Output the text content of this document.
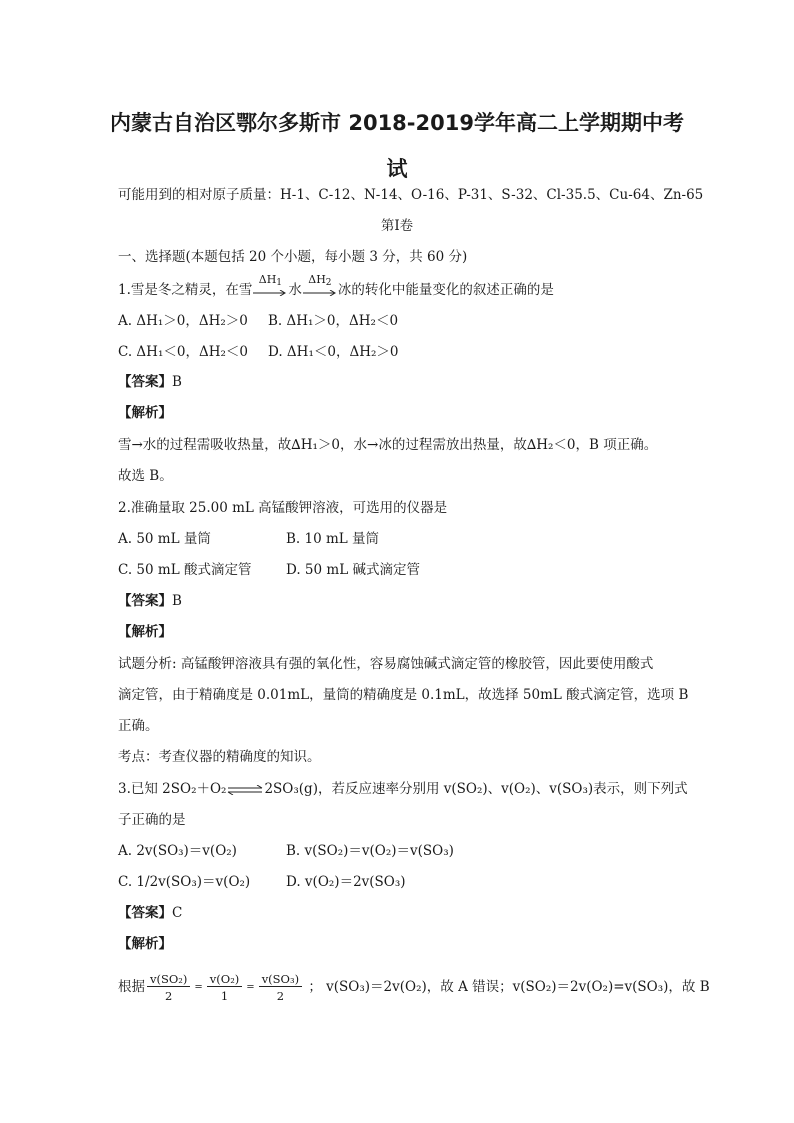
内蒙古自治区鄂尔多斯市 2018-2019学年高二上学期期中考
试
可能用到的相对原子质量：H-1、C-12、N-14、O-16、P-31、S-32、Cl-35.5、Cu-64、Zn-65
第Ⅰ卷
一、选择题(本题包括 20 个小题，每小题 3 分，共 60 分)
1.雪是冬之精灵，在雪
$\Delta H_1$ 水
$\Delta H_2$ 冰的转化中能量变化的叙述正确的是
A. ΔH₁＞0，ΔH₂＞0 B. ΔH₁＞0，ΔH₂＜0
C. ΔH₁＜0，ΔH₂＜0 D. ΔH₁＜0，ΔH₂＞0
【答案】B
【解析】
雪→水的过程需吸收热量，故∆H₁＞0，水→冰的过程需放出热量，故∆H₂＜0，B 项正确。
故选 B。
2.准确量取 25.00 mL 高锰酸钾溶液，可选用的仪器是
A. 50 mL 量筒	B. 10 mL 量筒
C. 50 mL 酸式滴定管	D. 50 mL 碱式滴定管
【答案】B
【解析】
试题分析: 高锰酸钾溶液具有强的氧化性，容易腐蚀碱式滴定管的橡胶管，因此要使用酸式
滴定管，由于精确度是 0.01mL，量筒的精确度是 0.1mL，故选择 50mL 酸式滴定管，选项 B
正确。
考点：考查仪器的精确度的知识。
3.已知 2SO₂＋O₂⇌2SO₃(g)，若反应速率分别用 v(SO₂)、v(O₂)、v(SO₃)表示，则下列式
子正确的是
A. 2v(SO₃)＝v(O₂)	B. v(SO₂)＝v(O₂)＝v(SO₃)
C. 1/2v(SO₃)＝v(O₂)	D. v(O₂)＝2v(SO₃)
【答案】C
【解析】
根据 $\frac{\text{v(SO₂)}}{2} = \frac{\text{v(O₂)}}{1} = \frac{\text{v(SO₃)}}{2}$ ； v(SO₃)＝2v(O₂)，故 A 错误；v(SO₂)＝2v(O₂)=v(SO₃)，故 B
